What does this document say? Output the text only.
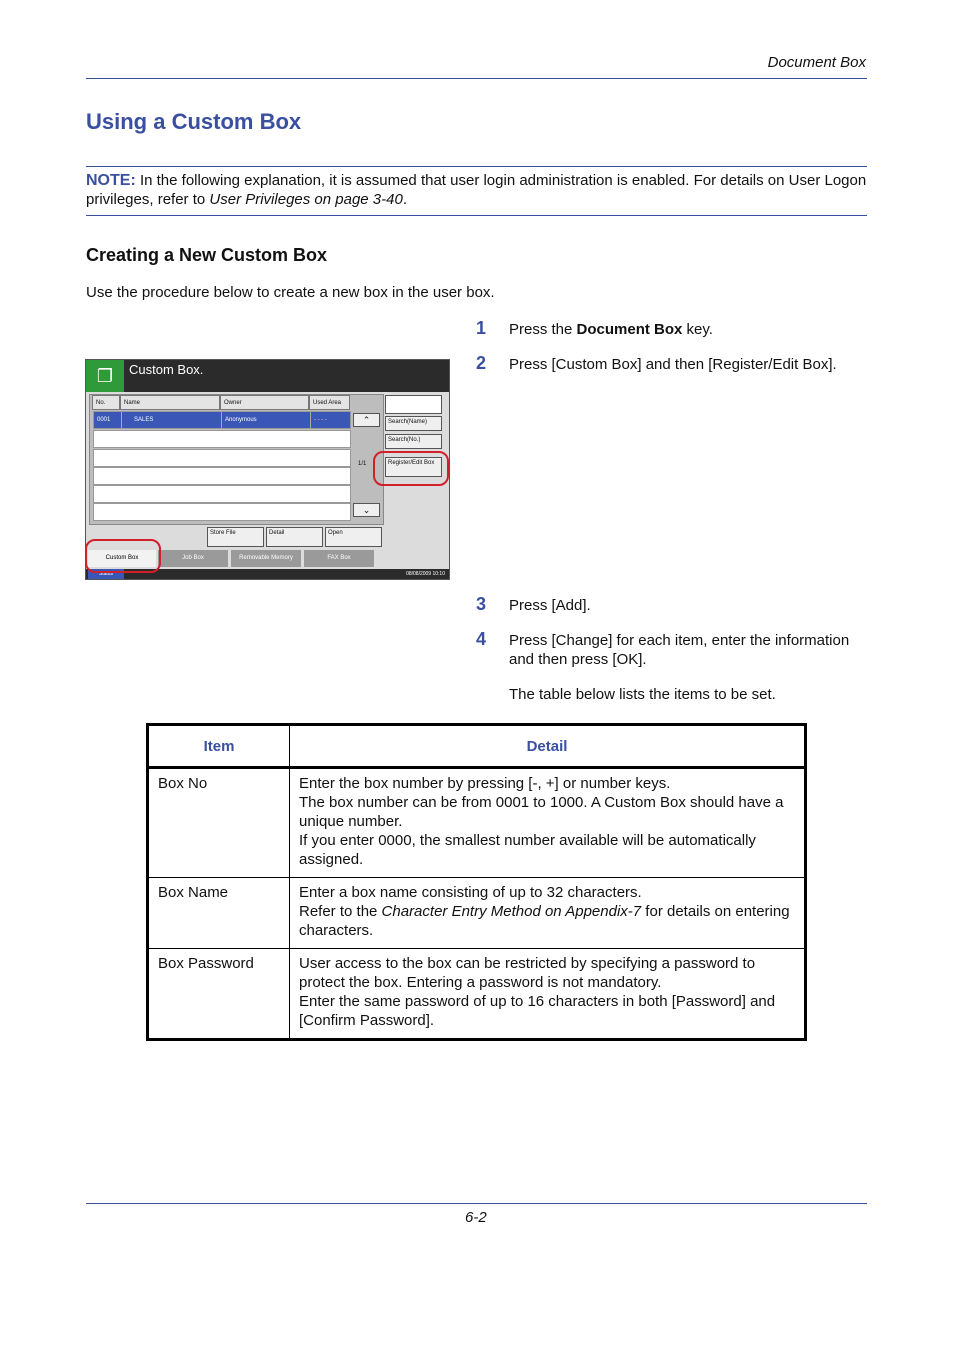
Document Box
Using a Custom Box
NOTE: In the following explanation, it is assumed that user login administration is enabled. For details on User Logon privileges, refer to User Privileges on page 3-40.
Creating a New Custom Box
Use the procedure below to create a new box in the user box.
1 Press the Document Box key.
2 Press [Custom Box] and then [Register/Edit Box].
3 Press [Add].
4 Press [Change] for each item, enter the information and then press [OK].
The table below lists the items to be set.
❐	Custom Box.
No.	Name	Owner	Used Area
0001	SALES	Anonymous	- - - -	⌃
1/1
⌄
Search(Name)
Search(No.)
Register/Edit Box
Store File	Detail	Open
Custom Box	Job Box	Removable Memory	FAX Box
Status	08/08/2009 10:10
Item	Detail
Box No	Enter the box number by pressing [-, +] or number keys.
The box number can be from 0001 to 1000. A Custom Box should have a unique number.
If you enter 0000, the smallest number available will be automatically assigned.

Box Name	Enter a box name consisting of up to 32 characters.
Refer to the Character Entry Method on Appendix-7 for details on entering characters.

Box Password	User access to the box can be restricted by specifying a password to protect the box. Entering a password is not mandatory.
Enter the same password of up to 16 characters in both [Password] and [Confirm Password].
6-2
